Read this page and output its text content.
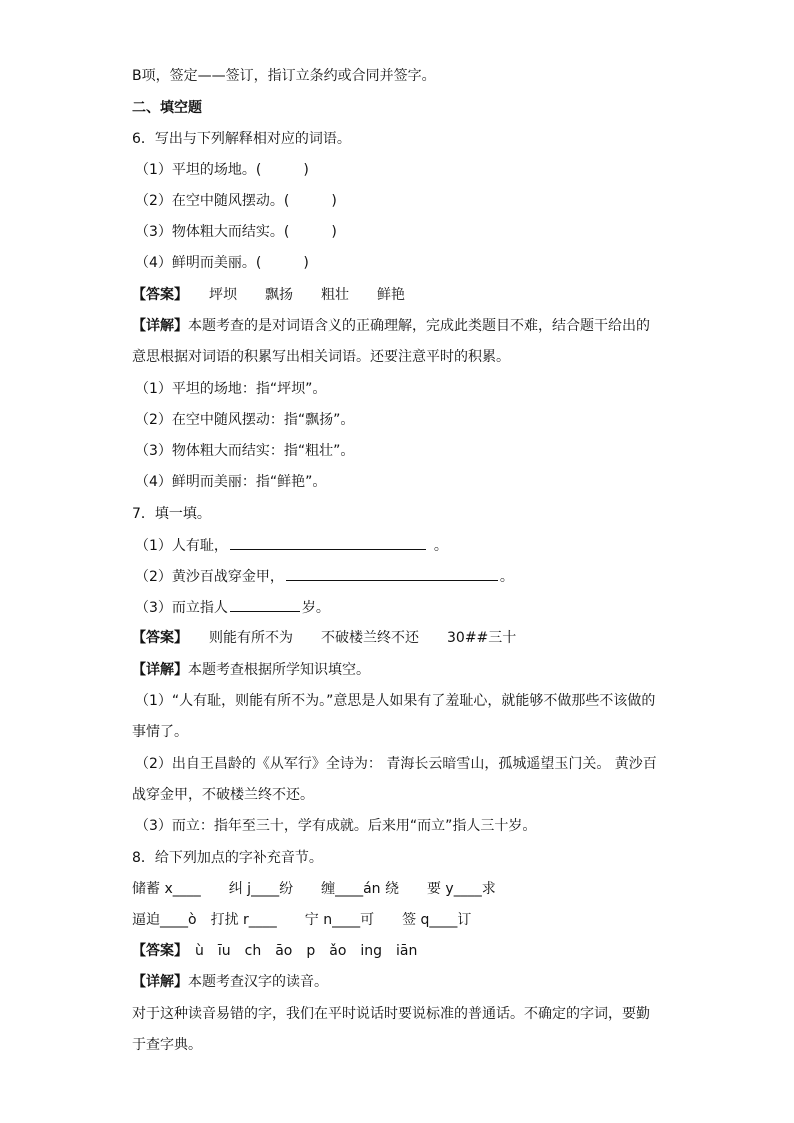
B项，签定——签订，指订立条约或合同并签字。
二、填空题
6．写出与下列解释相对应的词语。
（1）平坦的场地。(　　　)
（2）在空中随风摆动。(　　　)
（3）物体粗大而结实。(　　　)
（4）鲜明而美丽。(　　　)
【答案】　　坪坝　　飘扬　　粗壮　　鲜艳
【详解】本题考查的是对词语含义的正确理解，完成此类题目不难，结合题干给出的
意思根据对词语的积累写出相关词语。还要注意平时的积累。
（1）平坦的场地：指“坪坝”。
（2）在空中随风摆动：指“飘扬”。
（3）物体粗大而结实：指“粗壮”。
（4）鲜明而美丽：指“鲜艳”。
7．填一填。
（1）人有耻，	。
（2）黄沙百战穿金甲，	。
（3）而立指人	岁。
【答案】　　则能有所不为　　不破楼兰终不还　　30##三十
【详解】本题考查根据所学知识填空。
（1）“人有耻，则能有所不为。”意思是人如果有了羞耻心，就能够不做那些不该做的
事情了。
（2）出自王昌龄的《从军行》全诗为： 青海长云暗雪山，孤城遥望玉门关。 黄沙百
战穿金甲，不破楼兰终不还。
（3）而立：指年至三十，学有成就。后来用“而立”指人三十岁。
8．给下列加点的字补充音节。
储蓄 x____　　纠 j____纷　　缠____án 绕　　要 y____求
逼迫____ò　打扰 r____　　宁 n____可　　签 q____订
【答案】　ù　īu　ch　āo　p　ǎo　ing　iān
【详解】本题考查汉字的读音。
对于这种读音易错的字，我们在平时说话时要说标准的普通话。不确定的字词，要勤
于查字典。
